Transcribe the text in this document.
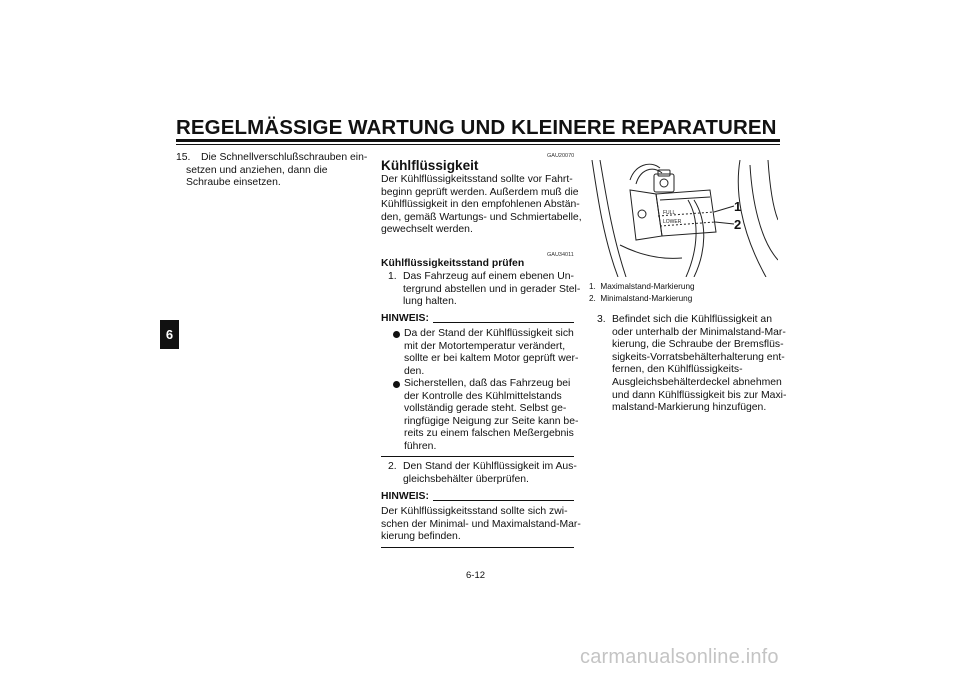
REGELMÄSSIGE WARTUNG UND KLEINERE REPARATUREN
6
15. Die Schnellverschlußschrauben ein-
setzen und anziehen, dann die
Schraube einsetzen.
GAU20070
Kühlflüssigkeit
Der Kühlflüssigkeitsstand sollte vor Fahrt-
beginn geprüft werden. Außerdem muß die
Kühlflüssigkeit in den empfohlenen Abstän-
den, gemäß Wartungs- und Schmiertabelle,
gewechselt werden.
GAU34011
Kühlflüssigkeitsstand prüfen
1. Das Fahrzeug auf einem ebenen Un-
tergrund abstellen und in gerader Stel-
lung halten.
HINWEIS:
Da der Stand der Kühlflüssigkeit sich
mit der Motortemperatur verändert,
sollte er bei kaltem Motor geprüft wer-
den.
Sicherstellen, daß das Fahrzeug bei
der Kontrolle des Kühlmittelstands
vollständig gerade steht. Selbst ge-
ringfügige Neigung zur Seite kann be-
reits zu einem falschen Meßergebnis
führen.
2. Den Stand der Kühlflüssigkeit im Aus-
gleichsbehälter überprüfen.
HINWEIS:
Der Kühlflüssigkeitsstand sollte sich zwi-
schen der Minimal- und Maximalstand-Mar-
kierung befinden.
FULL
LOWER
1
2
1.  Maximalstand-Markierung
2.  Minimalstand-Markierung
3. Befindet sich die Kühlflüssigkeit an
oder unterhalb der Minimalstand-Mar-
kierung, die Schraube der Bremsflüs-
sigkeits-Vorratsbehälterhalterung ent-
fernen, den Kühlflüssigkeits-
Ausgleichsbehälterdeckel abnehmen
und dann Kühlflüssigkeit bis zur Maxi-
malstand-Markierung hinzufügen.
6-12
carmanualsonline.info
